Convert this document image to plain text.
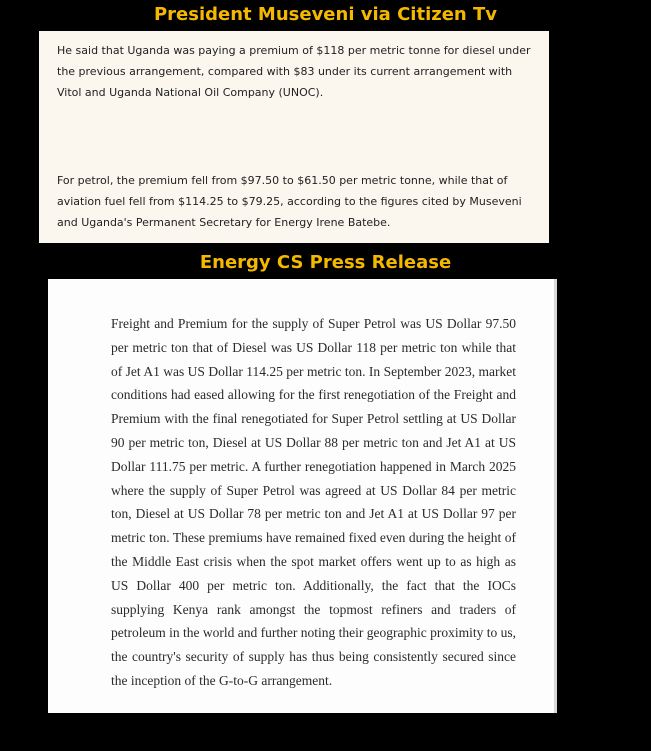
President Museveni via Citizen Tv

He said that Uganda was paying a premium of $118 per metric tonne for diesel under the previous arrangement, compared with $83 under its current arrangement with Vitol and Uganda National Oil Company (UNOC).

For petrol, the premium fell from $97.50 to $61.50 per metric tonne, while that of aviation fuel fell from $114.25 to $79.25, according to the figures cited by Museveni and Uganda's Permanent Secretary for Energy Irene Batebe.

Energy CS Press Release

Freight and Premium for the supply of Super Petrol was US Dollar 97.50 per metric ton that of Diesel was US Dollar 118 per metric ton while that of Jet A1 was US Dollar 114.25 per metric ton. In September 2023, market conditions had eased allowing for the first renegotiation of the Freight and Premium with the final renegotiated for Super Petrol settling at US Dollar 90 per metric ton, Diesel at US Dollar 88 per metric ton and Jet A1 at US Dollar 111.75 per metric. A further renegotiation happened in March 2025 where the supply of Super Petrol was agreed at US Dollar 84 per metric ton, Diesel at US Dollar 78 per metric ton and Jet A1 at US Dollar 97 per metric ton. These premiums have remained fixed even during the height of the Middle East crisis when the spot market offers went up to as high as US Dollar 400 per metric ton. Additionally, the fact that the IOCs supplying Kenya rank amongst the topmost refiners and traders of petroleum in the world and further noting their geographic proximity to us, the country's security of supply has thus being consistently secured since the inception of the G-to-G arrangement.
